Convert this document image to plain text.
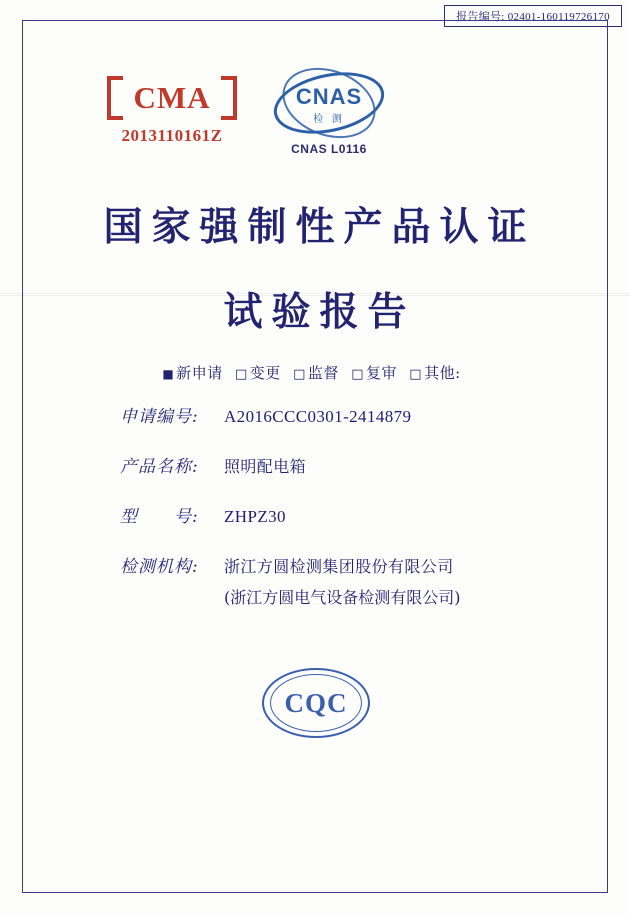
报告编号: 02401-160119726170
CMA
2013110161Z
CNAS
检 测
CNAS L0116
国家强制性产品认证
试验报告
■ 新申请 □ 变更 □ 监督 □ 复审 □ 其他:
申请编号:	A2016CCC0301-2414879
产品名称:	照明配电箱
型　　号:	ZHPZ30
检测机构:	浙江方圆检测集团股份有限公司
(浙江方圆电气设备检测有限公司)
CQC
